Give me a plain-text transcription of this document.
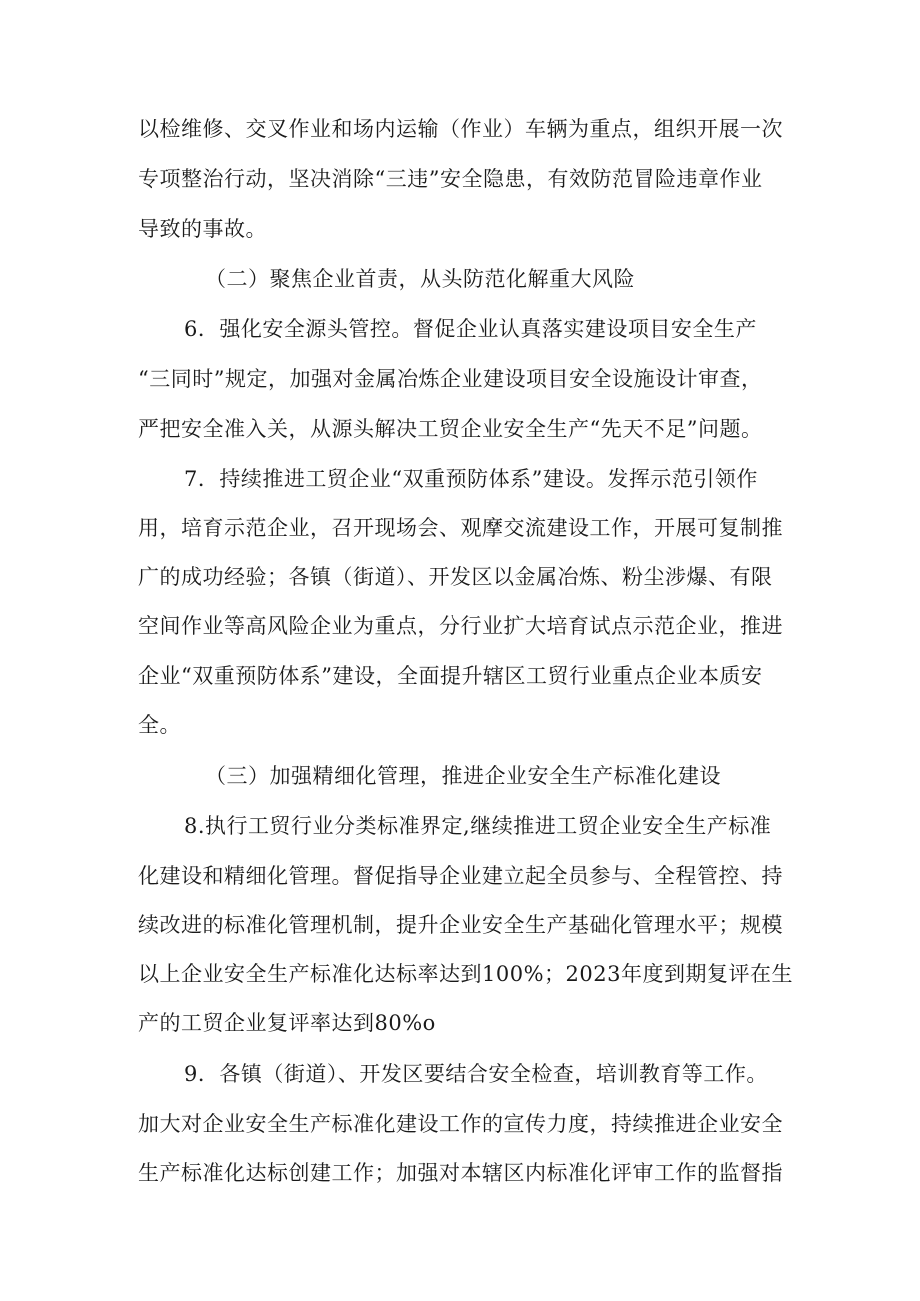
以检维修、交叉作业和场内运输（作业）车辆为重点，组织开展一次
专项整治行动，坚决消除“三违”安全隐患，有效防范冒险违章作业
导致的事故。
（二）聚焦企业首责，从头防范化解重大风险
6．强化安全源头管控。督促企业认真落实建设项目安全生产
“三同时”规定，加强对金属冶炼企业建设项目安全设施设计审查，
严把安全准入关，从源头解决工贸企业安全生产“先天不足”问题。
7．持续推进工贸企业“双重预防体系”建设。发挥示范引领作
用，培育示范企业，召开现场会、观摩交流建设工作，开展可复制推
广的成功经验；各镇（街道）、开发区以金属冶炼、粉尘涉爆、有限
空间作业等高风险企业为重点，分行业扩大培育试点示范企业，推进
企业“双重预防体系”建设，全面提升辖区工贸行业重点企业本质安
全。
（三）加强精细化管理，推进企业安全生产标准化建设
8.执行工贸行业分类标准界定,继续推进工贸企业安全生产标准
化建设和精细化管理。督促指导企业建立起全员参与、全程管控、持
续改进的标准化管理机制，提升企业安全生产基础化管理水平；规模
以上企业安全生产标准化达标率达到100%；2023年度到期复评在生
产的工贸企业复评率达到80%o
9．各镇（街道）、开发区要结合安全检查，培训教育等工作。
加大对企业安全生产标准化建设工作的宣传力度，持续推进企业安全
生产标准化达标创建工作；加强对本辖区内标准化评审工作的监督指
